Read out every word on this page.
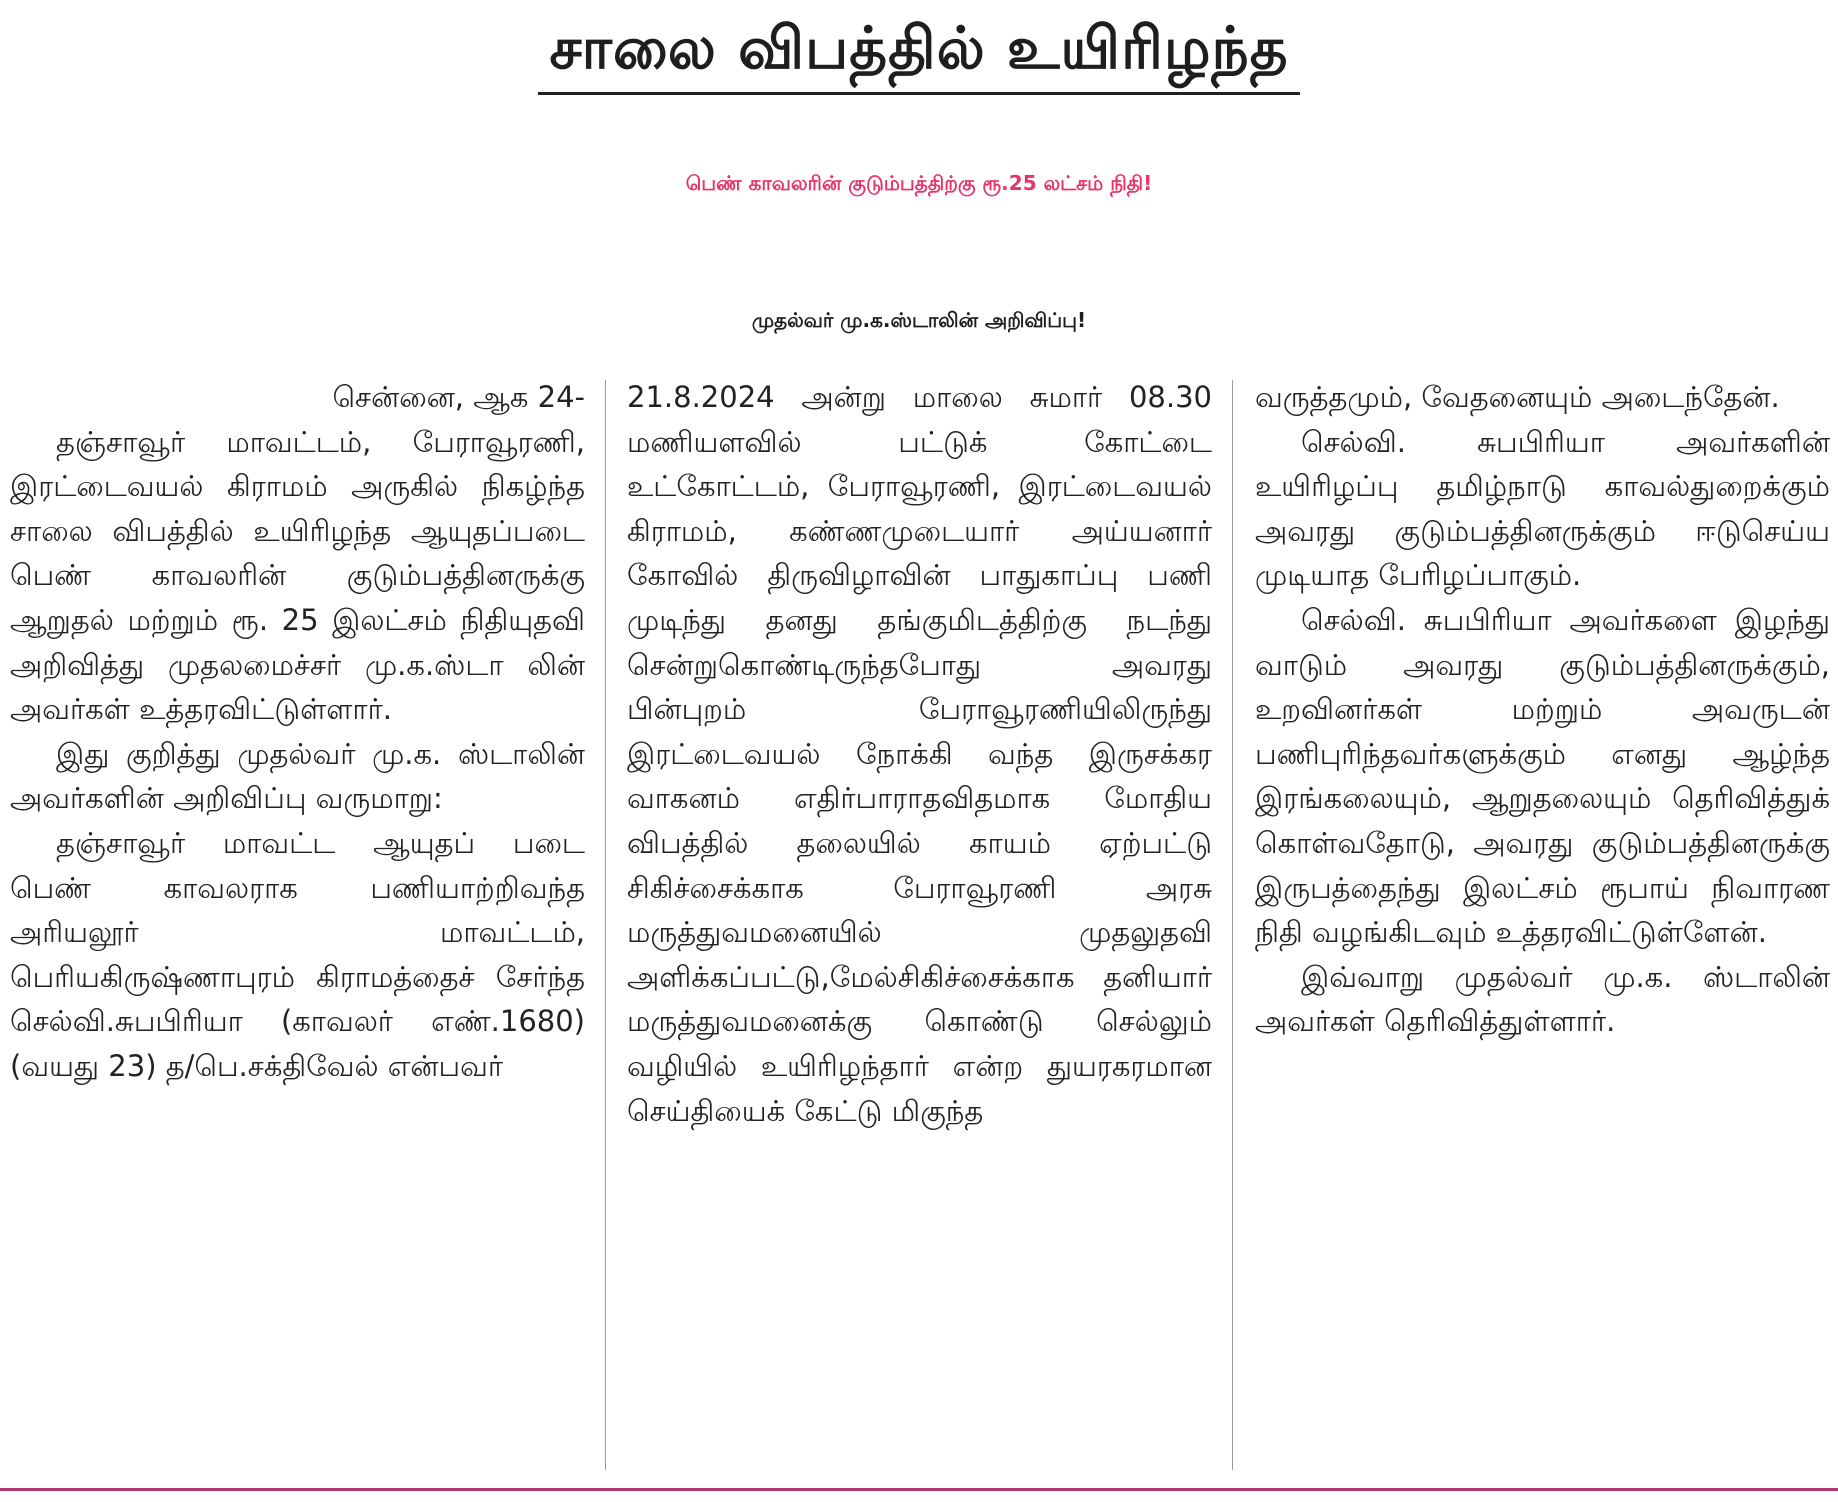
சாலை விபத்தில் உயிரிழந்த
பெண் காவலரின் குடும்பத்திற்கு ரூ.25 லட்சம் நிதி!
முதல்வர் மு.க.ஸ்டாலின் அறிவிப்பு!

சென்னை, ஆக 24-

தஞ்சாவூர் மாவட்டம், பேராவூரணி, இரட்டைவயல் கிராமம் அருகில் நிகழ்ந்த சாலை விபத்தில் உயிரிழந்த ஆயுதப்படை பெண் காவலரின் குடும்பத்தினருக்கு ஆறுதல் மற்றும் ரூ. 25 இலட்சம் நிதியுதவி அறிவித்து முதலமைச்சர் மு.க.ஸ்டா லின் அவர்கள் உத்தரவிட்டுள்ளார்.

இது குறித்து முதல்வர் மு.க. ஸ்டாலின் அவர்களின் அறிவிப்பு வருமாறு:

தஞ்சாவூர் மாவட்ட ஆயுதப் படை பெண் காவலராக பணியாற்றிவந்த அரியலூர் மாவட்டம், பெரியகிருஷ்ணாபுரம் கிராமத்தைச் சேர்ந்த செல்வி.சுபபிரியா (காவலர் எண்.1680) (வயது 23) த/பெ.சக்திவேல் என்பவர்

21.8.2024 அன்று மாலை சுமார் 08.30 மணியளவில் பட்டுக் கோட்டை உட்கோட்டம், பேராவூரணி, இரட்டைவயல் கிராமம், கண்ணமுடையார் அய்யனார் கோவில் திருவிழாவின் பாதுகாப்பு பணி முடிந்து தனது தங்குமிடத்திற்கு நடந்து சென்றுகொண்டிருந்தபோது அவரது பின்புறம் பேராவூரணியிலிருந்து இரட்டைவயல் நோக்கி வந்த இருசக்கர வாகனம் எதிர்பாராதவிதமாக மோதிய விபத்தில் தலையில் காயம் ஏற்பட்டு சிகிச்சைக்காக பேராவூரணி அரசு மருத்துவமனையில் முதலுதவி அளிக்கப்பட்டு,மேல்சிகிச்சைக்காக தனியார் மருத்துவமனைக்கு கொண்டு செல்லும் வழியில் உயிரிழந்தார் என்ற துயரகரமான செய்தியைக் கேட்டு மிகுந்த

வருத்தமும், வேதனையும் அடைந்தேன்.

செல்வி. சுபபிரியா அவர்களின் உயிரிழப்பு தமிழ்நாடு காவல்துறைக்கும் அவரது குடும்பத்தினருக்கும் ஈடுசெய்ய முடியாத பேரிழப்பாகும்.

செல்வி. சுபபிரியா அவர்களை இழந்து வாடும் அவரது குடும்பத்தினருக்கும், உறவினர்கள் மற்றும் அவருடன் பணிபுரிந்தவர்களுக்கும் எனது ஆழ்ந்த இரங்கலையும், ஆறுதலையும் தெரிவித்துக் கொள்வதோடு, அவரது குடும்பத்தினருக்கு இருபத்தைந்து இலட்சம் ரூபாய் நிவாரண நிதி வழங்கிடவும் உத்தரவிட்டுள்ளேன்.

இவ்வாறு முதல்வர் மு.க. ஸ்டாலின் அவர்கள் தெரிவித்துள்ளார்.
